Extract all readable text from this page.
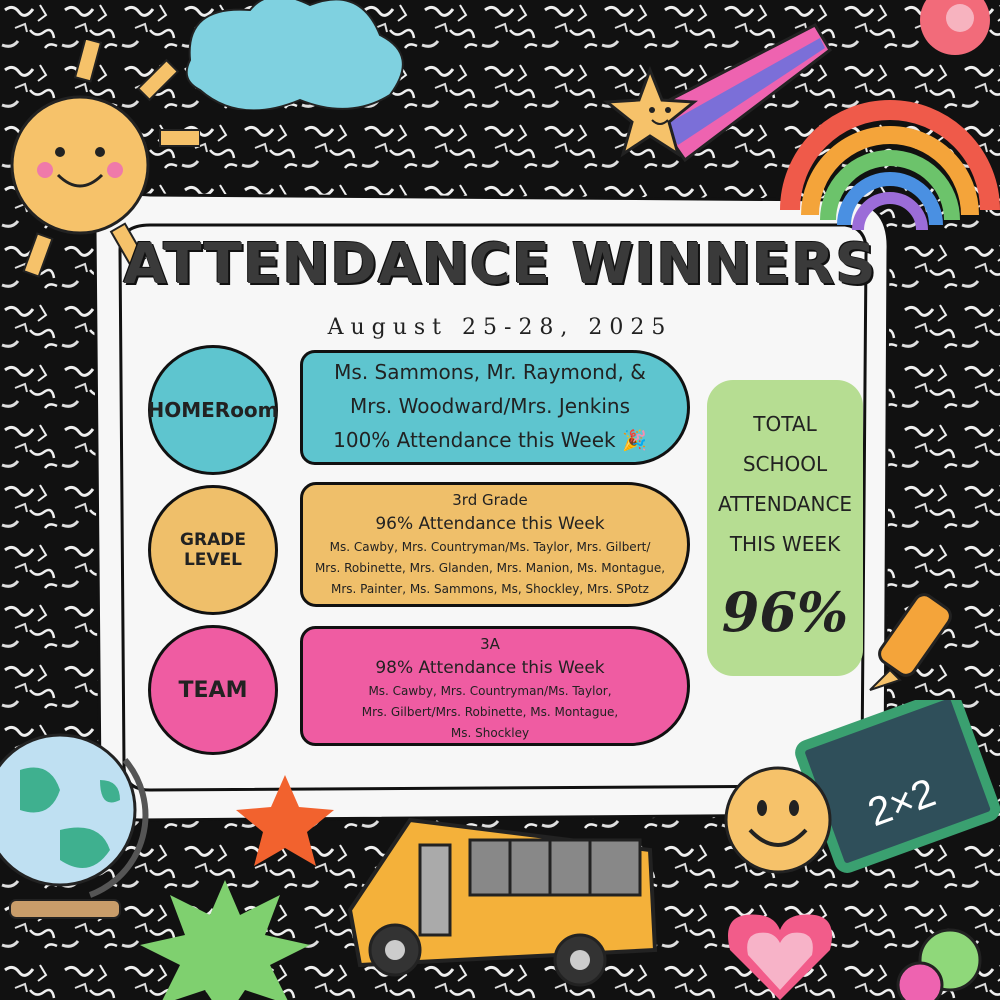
2×2
ATTENDANCE WINNERS
August 25-28, 2025
HOMERoom
GRADE LEVEL
TEAM
Ms. Sammons, Mr. Raymond, &
Mrs. Woodward/Mrs. Jenkins
100% Attendance this Week 🎉
3rd Grade
96% Attendance this Week
Ms. Cawby, Mrs. Countryman/Ms. Taylor, Mrs. Gilbert/
Mrs. Robinette, Mrs. Glanden, Mrs. Manion, Ms. Montague,
Mrs. Painter, Ms. Sammons, Ms, Shockley, Mrs. SPotz
3A
98% Attendance this Week
Ms. Cawby, Mrs. Countryman/Ms. Taylor,
Mrs. Gilbert/Mrs. Robinette, Ms. Montague,
Ms. Shockley
TOTAL
SCHOOL
ATTENDANCE
THIS WEEK
96%
